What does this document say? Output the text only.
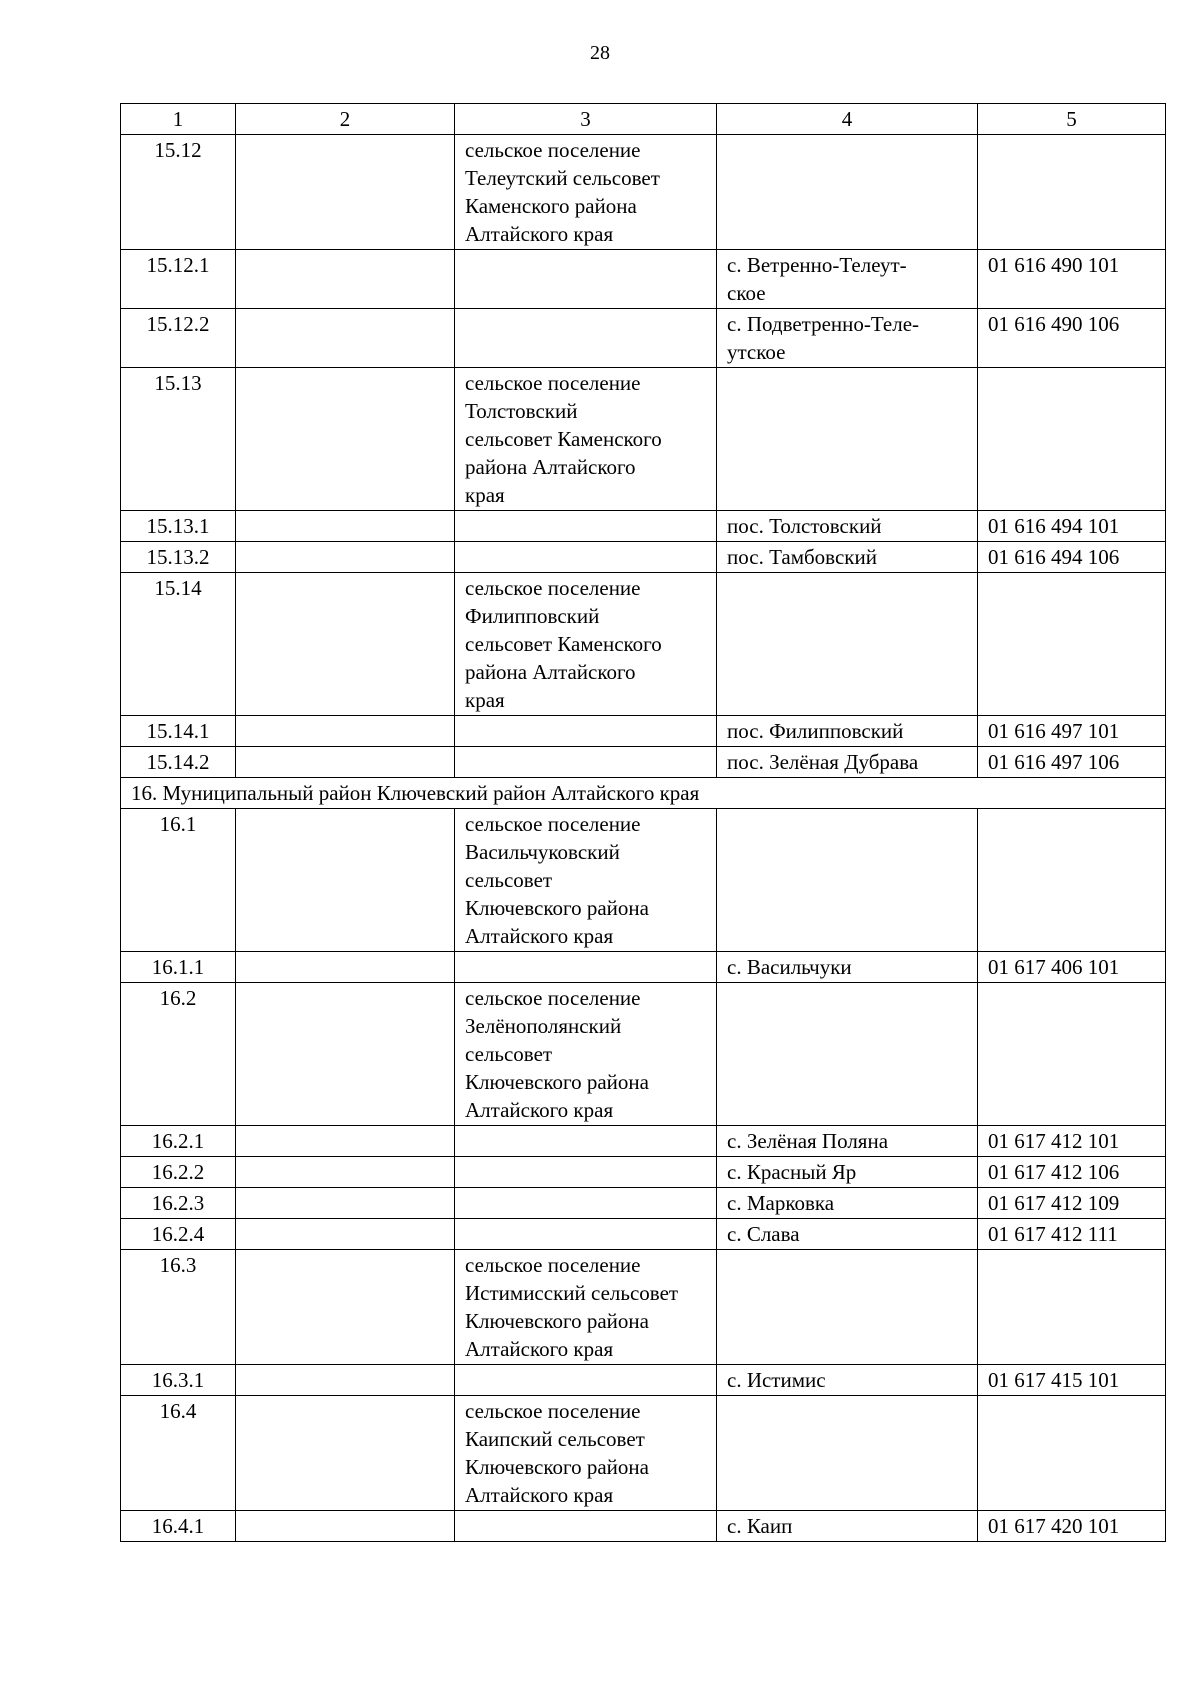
28
1	2	3	4	5
15.12		сельское поселение
Телеутский сельсовет
Каменского района
Алтайского края		
15.12.1			с. Ветренно-Телеут-
ское	01 616 490 101
15.12.2			с. Подветренно-Теле-
утское	01 616 490 106
15.13		сельское поселение
Толстовский
сельсовет Каменского
района Алтайского
края		
15.13.1			пос. Толстовский	01 616 494 101
15.13.2			пос. Тамбовский	01 616 494 106
15.14		сельское поселение
Филипповский
сельсовет Каменского
района Алтайского
края		
15.14.1			пос. Филипповский	01 616 497 101
15.14.2			пос. Зелёная Дубрава	01 616 497 106
16. Муниципальный район Ключевский район Алтайского края				
16.1		сельское поселение
Васильчуковский
сельсовет
Ключевского района
Алтайского края		
16.1.1			с. Васильчуки	01 617 406 101
16.2		сельское поселение
Зелёнополянский
сельсовет
Ключевского района
Алтайского края		
16.2.1			с. Зелёная Поляна	01 617 412 101
16.2.2			с. Красный Яр	01 617 412 106
16.2.3			с. Марковка	01 617 412 109
16.2.4			с. Слава	01 617 412 111
16.3		сельское поселение
Истимисский сельсовет
Ключевского района
Алтайского края		
16.3.1			с. Истимис	01 617 415 101
16.4		сельское поселение
Каипский сельсовет
Ключевского района
Алтайского края		
16.4.1			с. Каип	01 617 420 101
